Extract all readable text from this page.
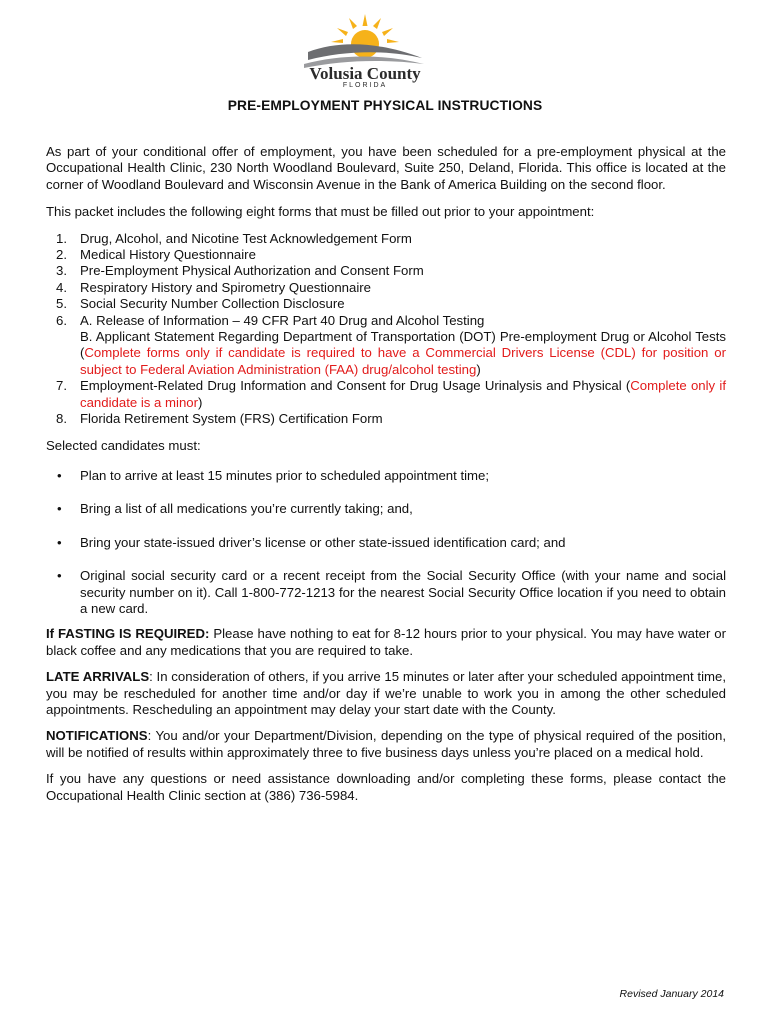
Volusia County
FLORIDA
PRE-EMPLOYMENT PHYSICAL INSTRUCTIONS

As part of your conditional offer of employment, you have been scheduled for a pre-employment physical at the Occupational Health Clinic, 230 North Woodland Boulevard, Suite 250, Deland, Florida. This office is located at the corner of Woodland Boulevard and Wisconsin Avenue in the Bank of America Building on the second floor.

This packet includes the following eight forms that must be filled out prior to your appointment:

1. Drug, Alcohol, and Nicotine Test Acknowledgement Form
2. Medical History Questionnaire
3. Pre-Employment Physical Authorization and Consent Form
4. Respiratory History and Spirometry Questionnaire
5. Social Security Number Collection Disclosure
6. A. Release of Information – 49 CFR Part 40 Drug and Alcohol Testing
B. Applicant Statement Regarding Department of Transportation (DOT) Pre-employment Drug or Alcohol Tests (Complete forms only if candidate is required to have a Commercial Drivers License (CDL) for position or subject to Federal Aviation Administration (FAA) drug/alcohol testing)
7. Employment-Related Drug Information and Consent for Drug Usage Urinalysis and Physical (Complete only if candidate is a minor)
8. Florida Retirement System (FRS) Certification Form

Selected candidates must:

• Plan to arrive at least 15 minutes prior to scheduled appointment time;
• Bring a list of all medications you’re currently taking; and,
• Bring your state-issued driver’s license or other state-issued identification card; and
• Original social security card or a recent receipt from the Social Security Office (with your name and social security number on it). Call 1-800-772-1213 for the nearest Social Security Office location if you need to obtain a new card.

If FASTING IS REQUIRED: Please have nothing to eat for 8-12 hours prior to your physical. You may have water or black coffee and any medications that you are required to take.

LATE ARRIVALS: In consideration of others, if you arrive 15 minutes or later after your scheduled appointment time, you may be rescheduled for another time and/or day if we’re unable to work you in among the other scheduled appointments. Rescheduling an appointment may delay your start date with the County.

NOTIFICATIONS: You and/or your Department/Division, depending on the type of physical required of the position, will be notified of results within approximately three to five business days unless you’re placed on a medical hold.

If you have any questions or need assistance downloading and/or completing these forms, please contact the Occupational Health Clinic section at (386) 736-5984.

Revised January 2014
